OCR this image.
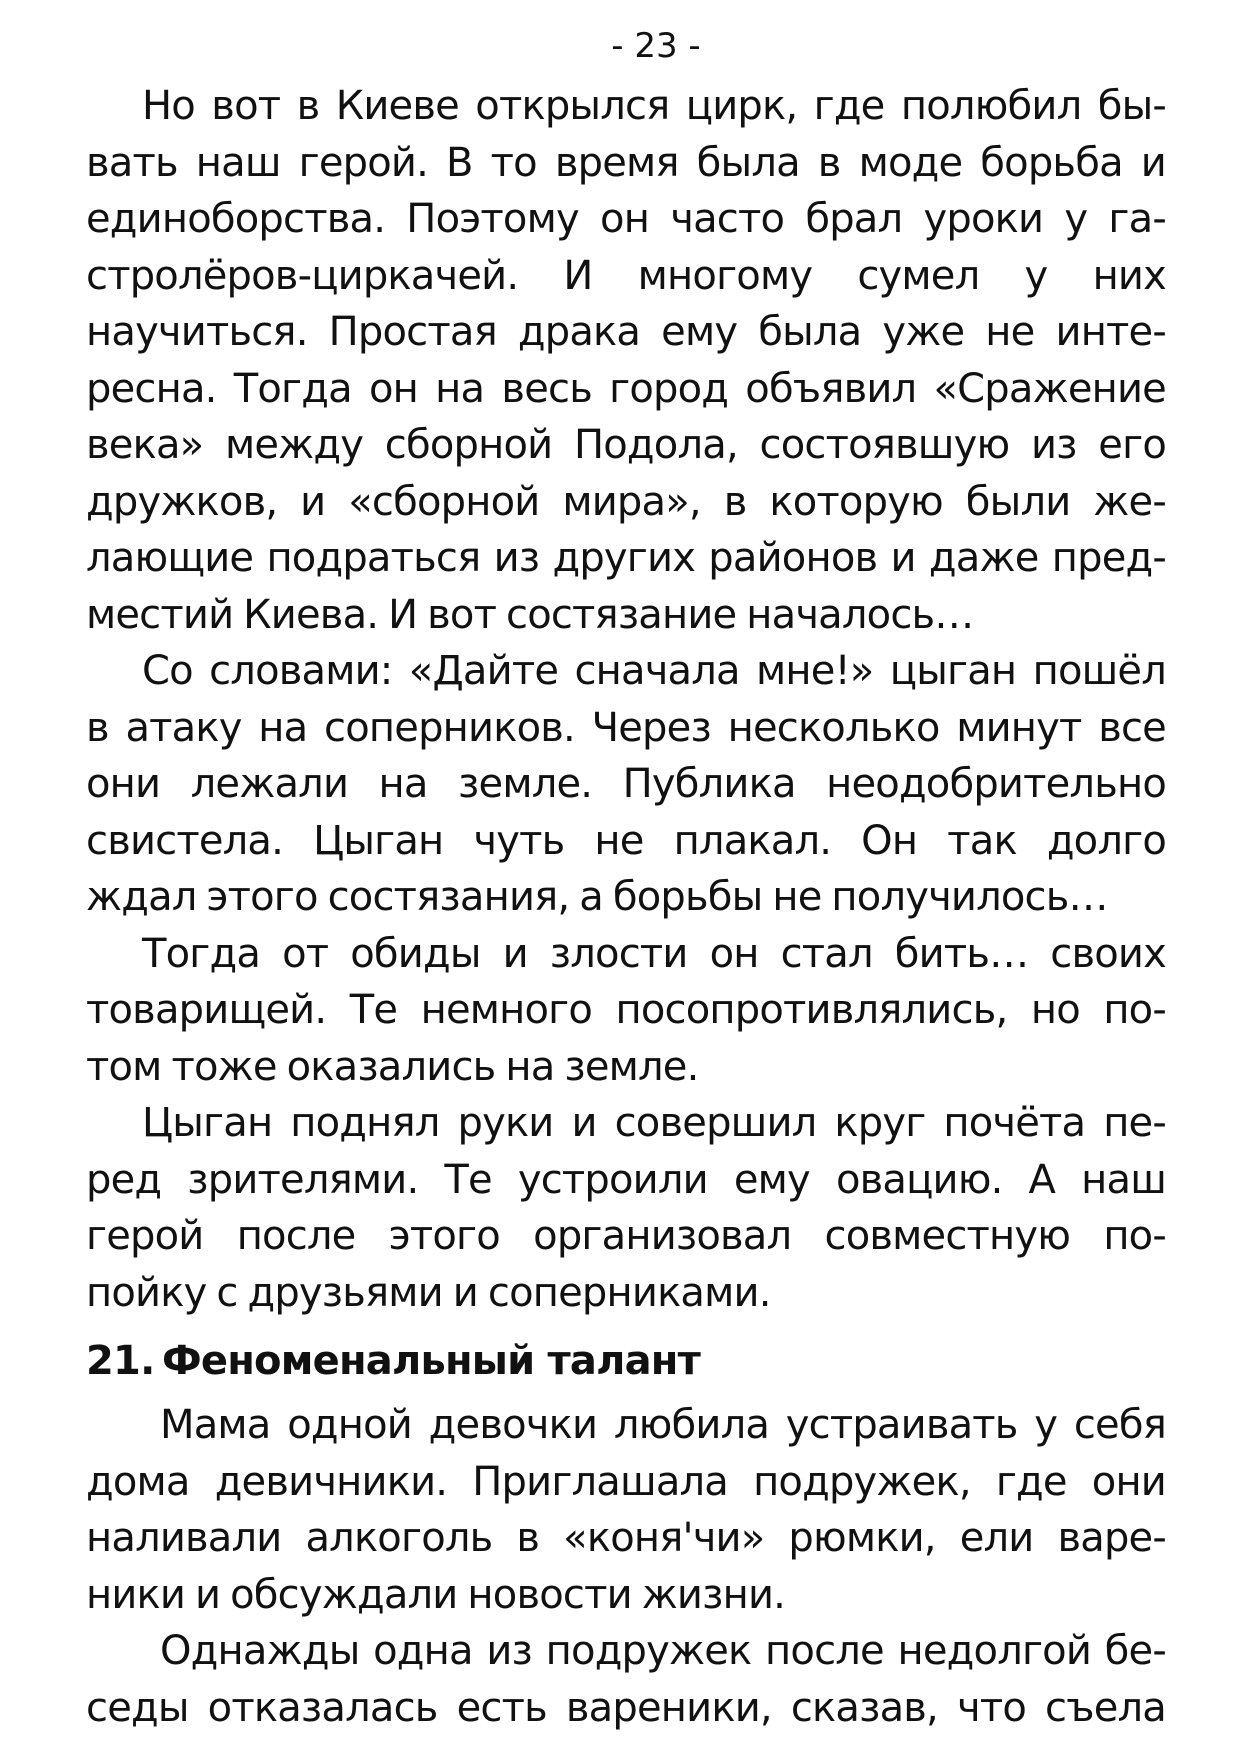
- 23 -

Но вот в Киеве открылся цирк, где полюбил бы-
вать наш герой. В то время была в моде борьба и
единоборства. Поэтому он часто брал уроки у га-
стролёров-циркачей. И многому сумел у них
научиться. Простая драка ему была уже не инте-
ресна. Тогда он на весь город объявил «Сражение
века» между сборной Подола, состоявшую из его
дружков, и «сборной мира», в которую были же-
лающие подраться из других районов и даже пред-
местий Киева. И вот состязание началось…

Со словами: «Дайте сначала мне!» цыган пошёл
в атаку на соперников. Через несколько минут все
они лежали на земле. Публика неодобрительно
свистела. Цыган чуть не плакал. Он так долго
ждал этого состязания, а борьбы не получилось…

Тогда от обиды и злости он стал бить… своих
товарищей. Те немного посопротивлялись, но по-
том тоже оказались на земле.

Цыган поднял руки и совершил круг почёта пе-
ред зрителями. Те устроили ему овацию. А наш
герой после этого организовал совместную по-
пойку с друзьями и соперниками.

21. Феноменальный талант

Мама одной девочки любила устраивать у себя
дома девичники. Приглашала подружек, где они
наливали алкоголь в «коня'чи» рюмки, ели варе-
ники и обсуждали новости жизни.

Однажды одна из подружек после недолгой бе-
седы отказалась есть вареники, сказав, что съела
